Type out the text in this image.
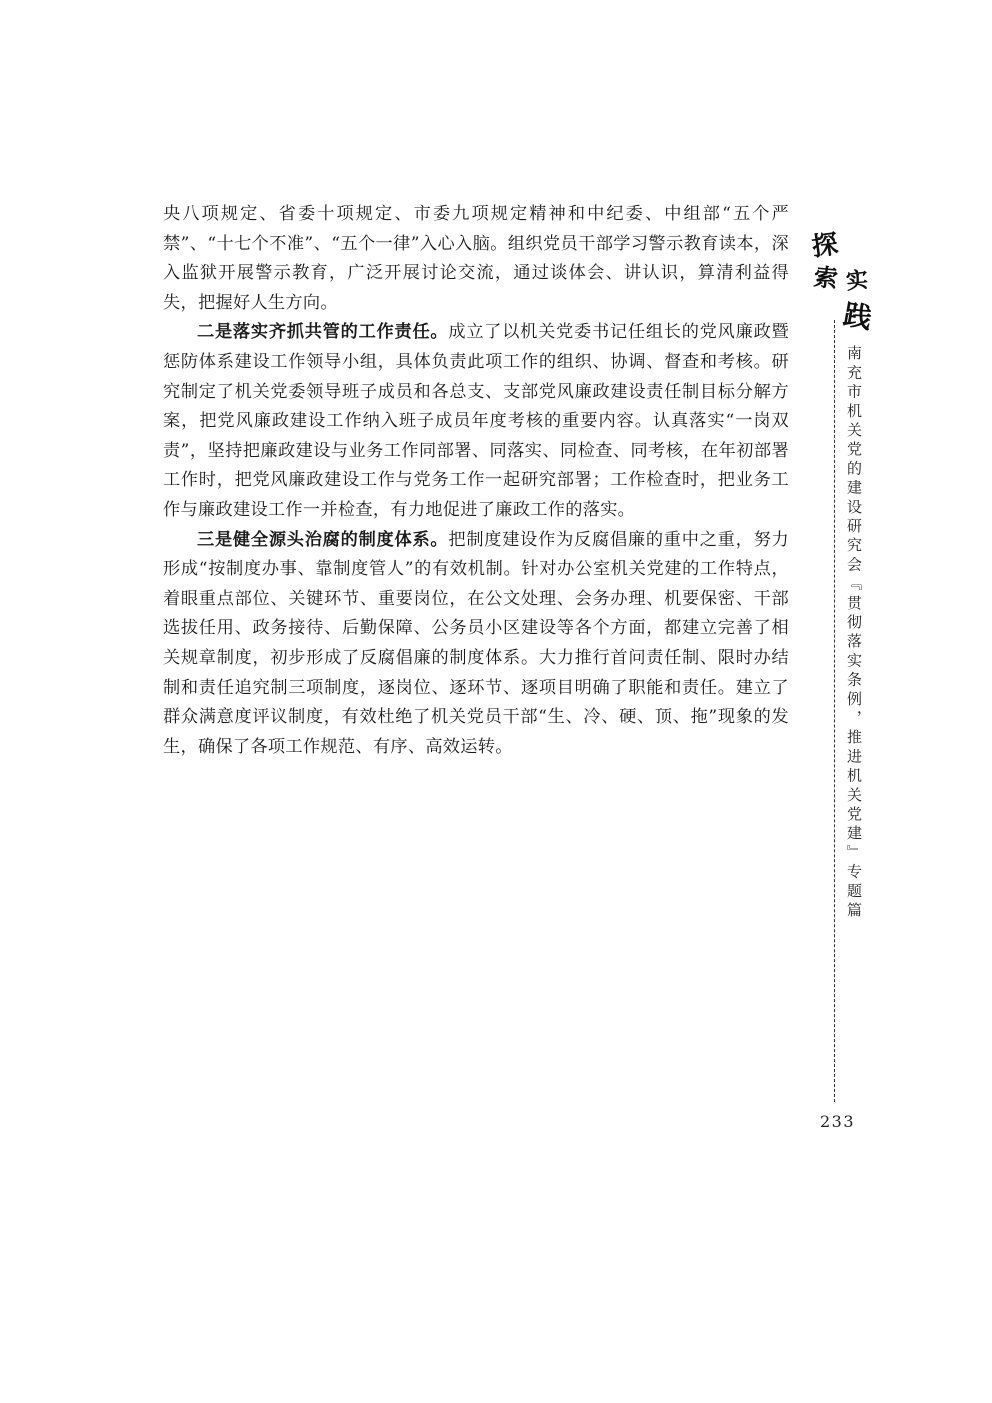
央八项规定、省委十项规定、市委九项规定精神和中纪委、中组部“五个严禁”、“十七个不准”、“五个一律”入心入脑。组织党员干部学习警示教育读本，深入监狱开展警示教育，广泛开展讨论交流，通过谈体会、讲认识，算清利益得失，把握好人生方向。

二是落实齐抓共管的工作责任。成立了以机关党委书记任组长的党风廉政暨惩防体系建设工作领导小组，具体负责此项工作的组织、协调、督查和考核。研究制定了机关党委领导班子成员和各总支、支部党风廉政建设责任制目标分解方案，把党风廉政建设工作纳入班子成员年度考核的重要内容。认真落实“一岗双责”，坚持把廉政建设与业务工作同部署、同落实、同检查、同考核，在年初部署工作时，把党风廉政建设工作与党务工作一起研究部署；工作检查时，把业务工作与廉政建设工作一并检查，有力地促进了廉政工作的落实。

三是健全源头治腐的制度体系。把制度建设作为反腐倡廉的重中之重，努力形成“按制度办事、靠制度管人”的有效机制。针对办公室机关党建的工作特点，着眼重点部位、关键环节、重要岗位，在公文处理、会务办理、机要保密、干部选拔任用、政务接待、后勤保障、公务员小区建设等各个方面，都建立完善了相关规章制度，初步形成了反腐倡廉的制度体系。大力推行首问责任制、限时办结制和责任追究制三项制度，逐岗位、逐环节、逐项目明确了职能和责任。建立了群众满意度评议制度，有效杜绝了机关党员干部“生、冷、硬、顶、拖”现象的发生，确保了各项工作规范、有序、高效运转。

探
索 实
践
南充市机关党的建设研究会『贯彻落实条例，推进机关党建』专题篇
233
